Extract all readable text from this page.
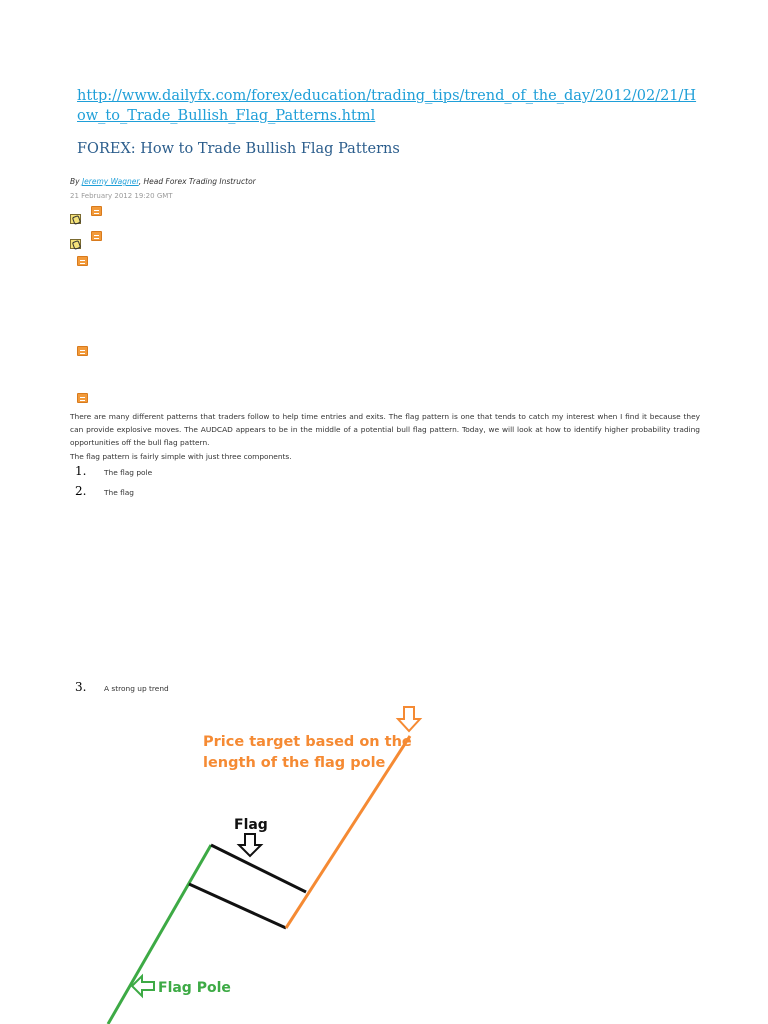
http://www.dailyfx.com/forex/education/trading_tips/trend_of_the_day/2012/02/21/How_to_Trade_Bullish_Flag_Patterns.html
FOREX: How to Trade Bullish Flag Patterns
By Jeremy Wagner, Head Forex Trading Instructor
21 February 2012 19:20 GMT
There are many different patterns that traders follow to help time entries and exits. The flag pattern is one that tends to catch my interest when I find it because they can provide explosive moves. The AUDCAD appears to be in the middle of a potential bull flag pattern. Today, we will look at how to identify higher probability trading opportunities off the bull flag pattern.
The flag pattern is fairly simple with just three components.
1. The flag pole
2. The flag
3. A strong up trend
Price target based on the
length of the flag pole
Flag
Flag Pole
